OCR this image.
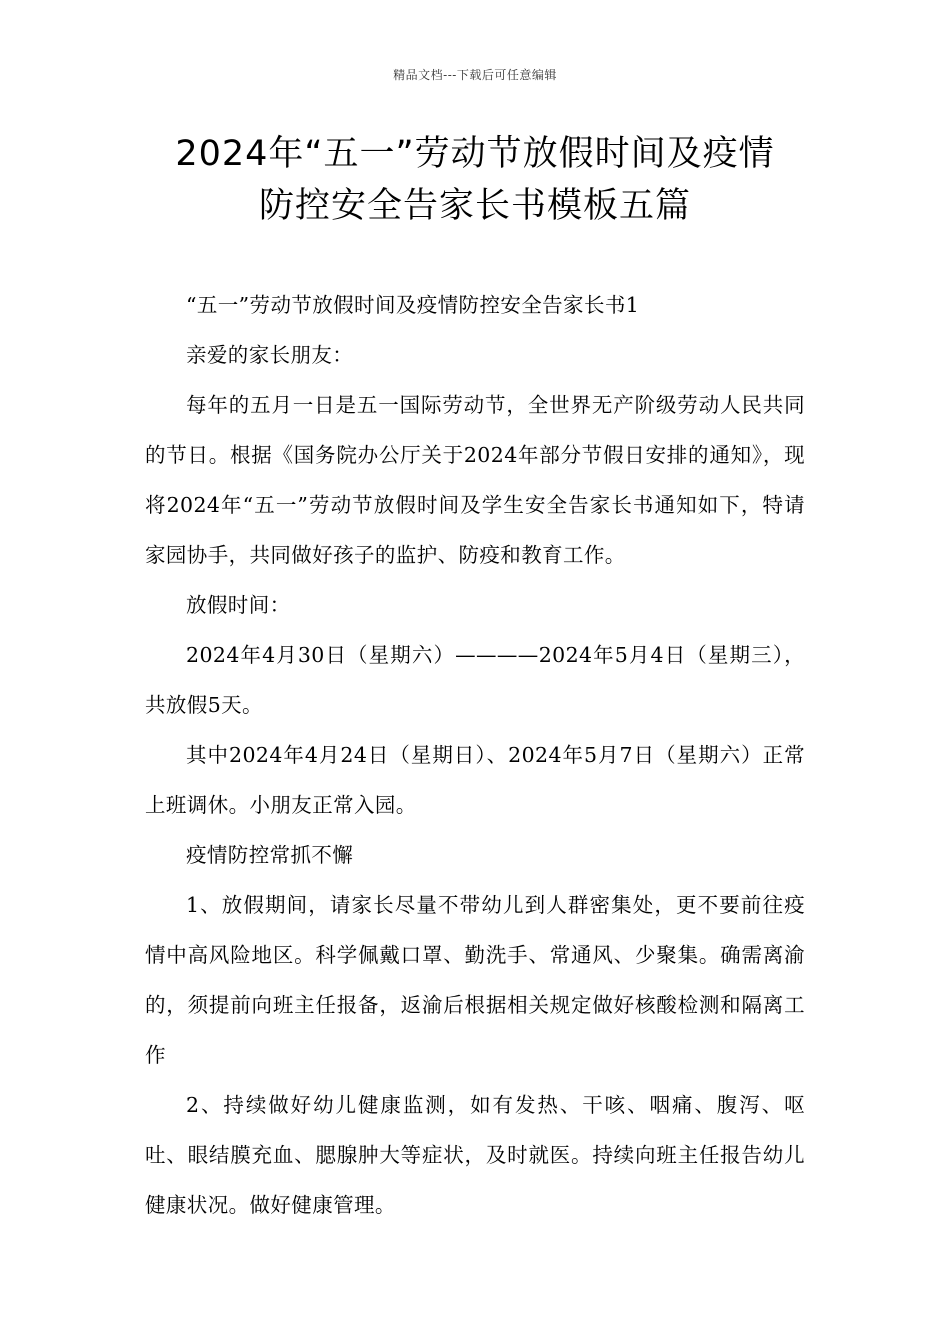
精品文档---下载后可任意编辑
2024年“五一”劳动节放假时间及疫情
防控安全告家长书模板五篇

“五一”劳动节放假时间及疫情防控安全告家长书1

亲爱的家长朋友：

每年的五月一日是五一国际劳动节，全世界无产阶级劳动人民共同的节日。根据《国务院办公厅关于2024年部分节假日安排的通知》，现将2024年“五一”劳动节放假时间及学生安全告家长书通知如下，特请家园协手，共同做好孩子的监护、防疫和教育工作。

放假时间：

2024年4月30日（星期六）————2024年5月4日（星期三），共放假5天。

其中2024年4月24日（星期日）、2024年5月7日（星期六）正常上班调休。小朋友正常入园。

疫情防控常抓不懈

1、放假期间，请家长尽量不带幼儿到人群密集处，更不要前往疫情中高风险地区。科学佩戴口罩、勤洗手、常通风、少聚集。确需离渝的，须提前向班主任报备，返渝后根据相关规定做好核酸检测和隔离工作

2、持续做好幼儿健康监测，如有发热、干咳、咽痛、腹泻、呕吐、眼结膜充血、腮腺肿大等症状，及时就医。持续向班主任报告幼儿健康状况。做好健康管理。
